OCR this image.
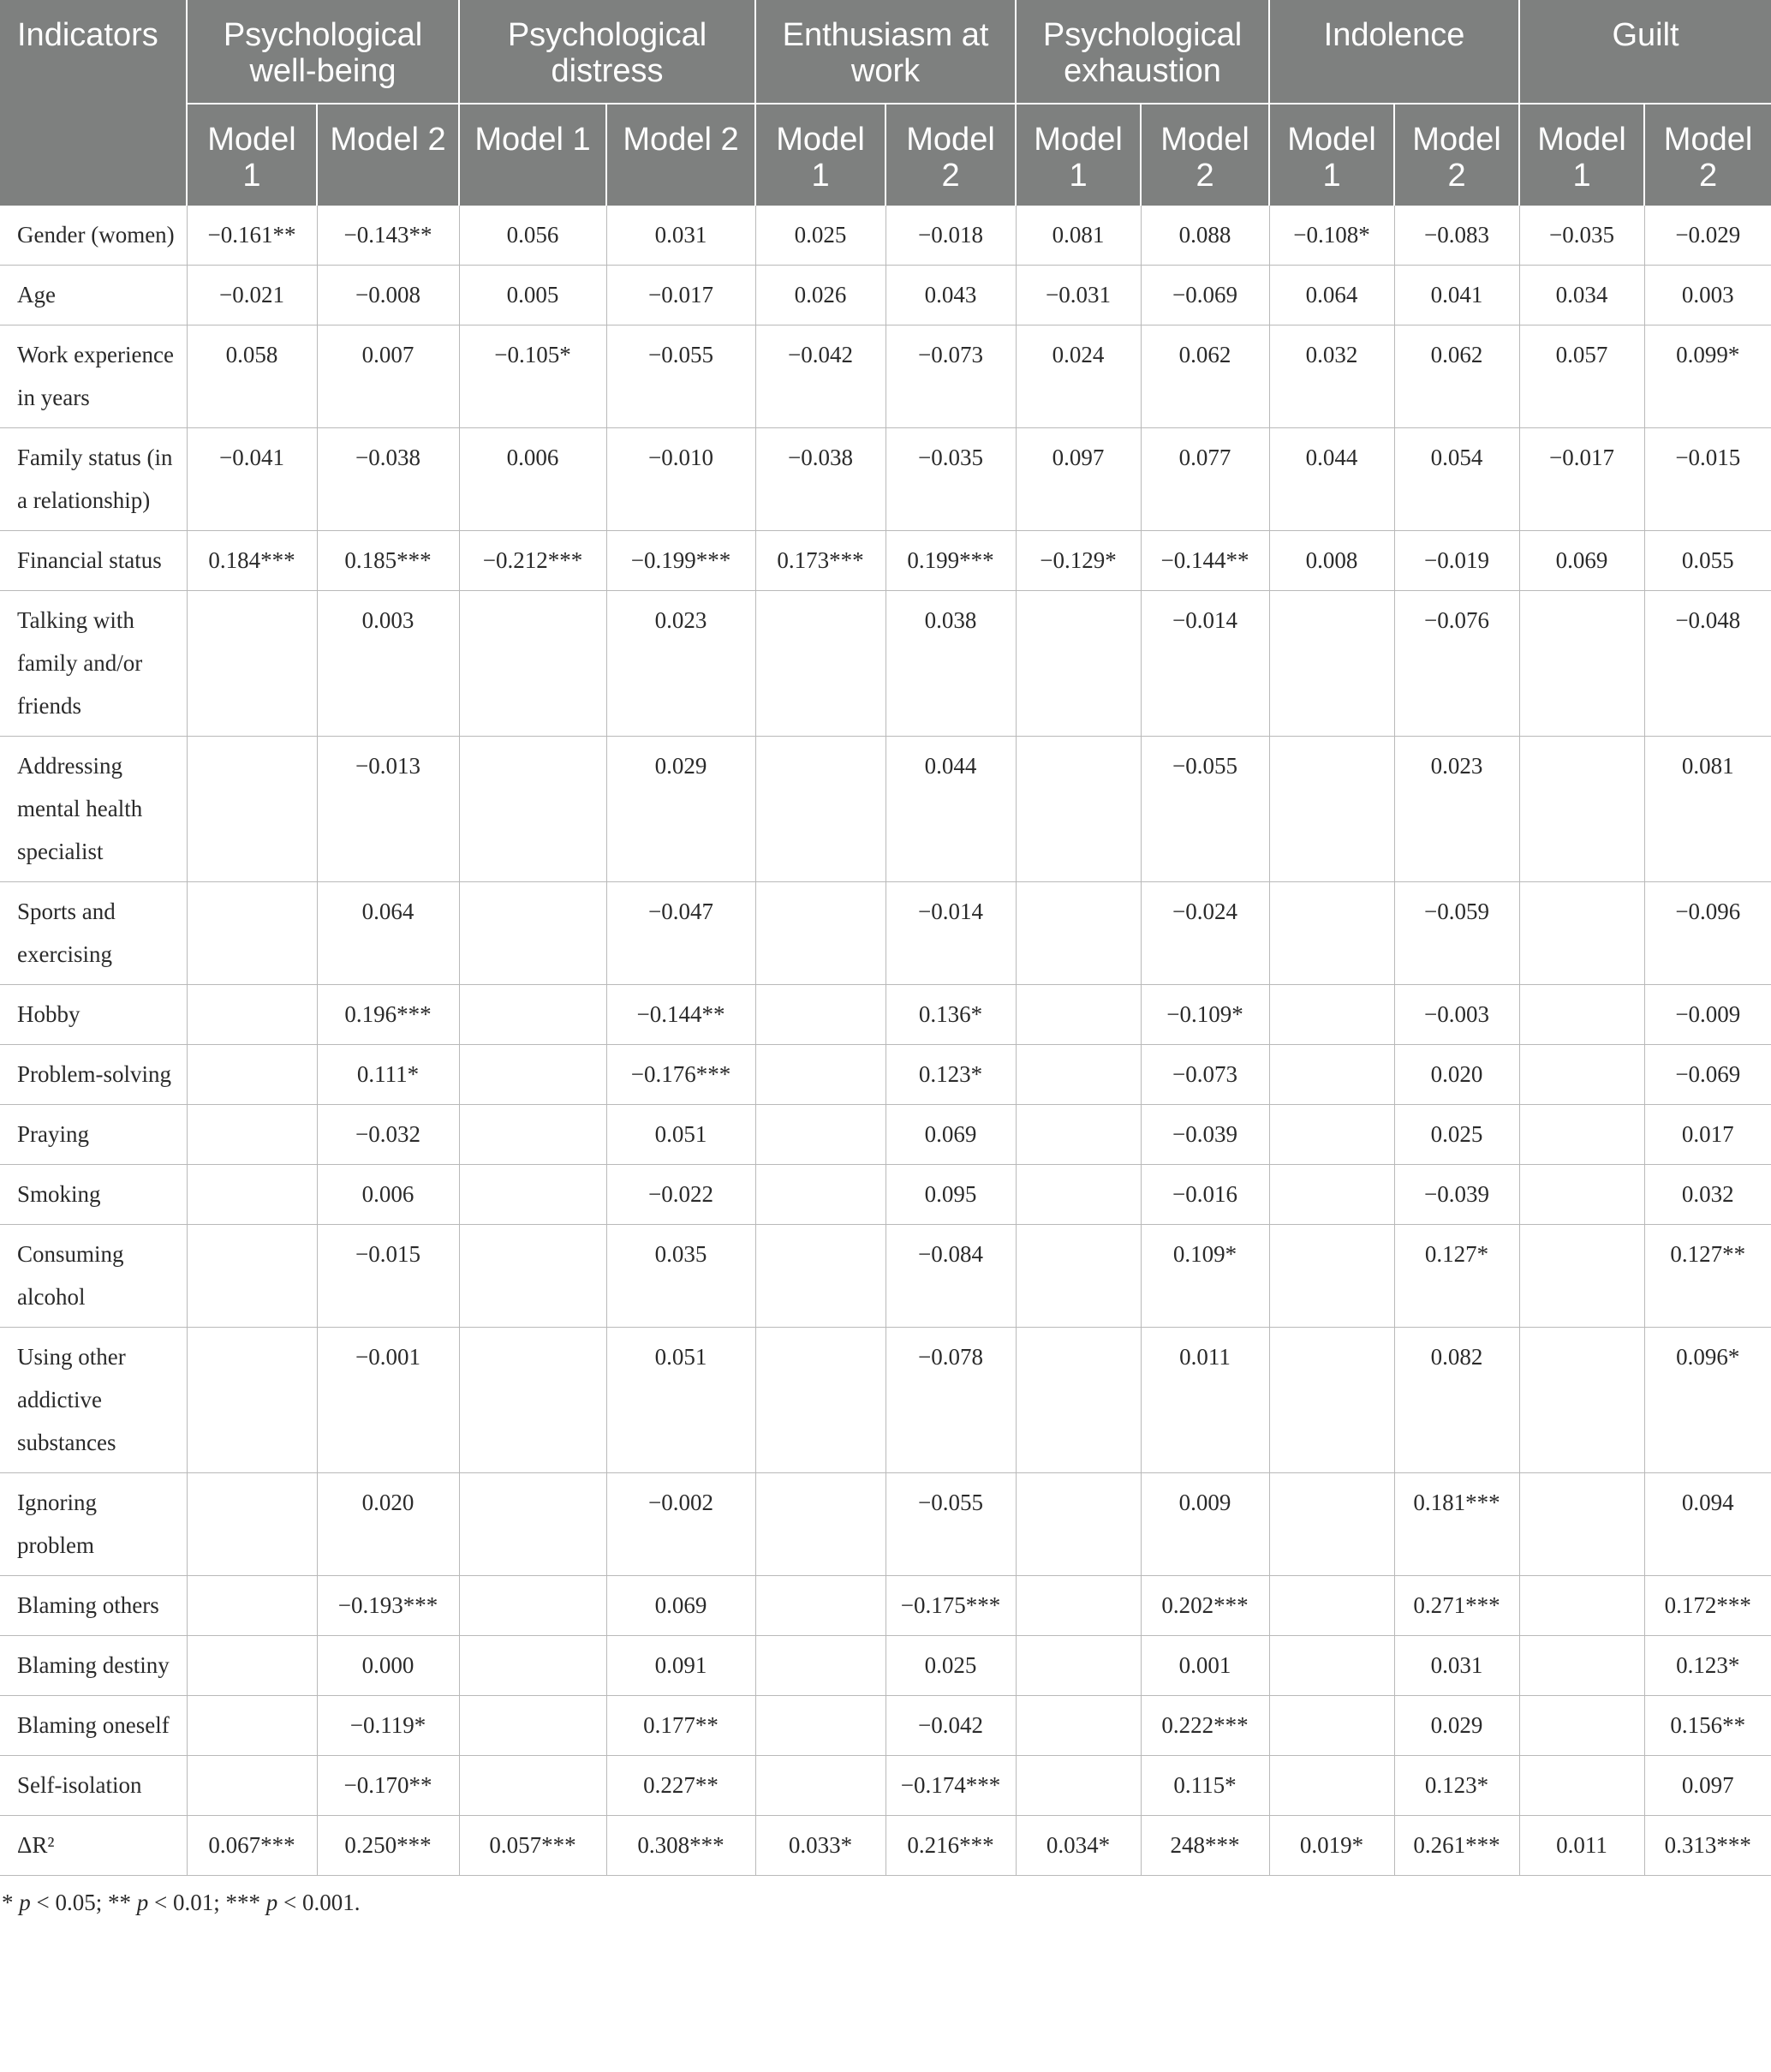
Indicators	Psychological well-being		Psychological distress		Enthusiasm at work		Psychological exhaustion		Indolence		Guilt	
	Model 1	Model 2	Model 1	Model 2	Model 1	Model 2	Model 1	Model 2	Model 1	Model 2	Model 1	Model 2
Gender (women)	−0.161**	−0.143**	0.056	0.031	0.025	−0.018	0.081	0.088	−0.108*	−0.083	−0.035	−0.029
Age	−0.021	−0.008	0.005	−0.017	0.026	0.043	−0.031	−0.069	0.064	0.041	0.034	0.003
Work experience in years	0.058	0.007	−0.105*	−0.055	−0.042	−0.073	0.024	0.062	0.032	0.062	0.057	0.099*
Family status (in a relationship)	−0.041	−0.038	0.006	−0.010	−0.038	−0.035	0.097	0.077	0.044	0.054	−0.017	−0.015
Financial status	0.184***	0.185***	−0.212***	−0.199***	0.173***	0.199***	−0.129*	−0.144**	0.008	−0.019	0.069	0.055
Talking with family and/or friends		0.003		0.023		0.038		−0.014		−0.076		−0.048
Addressing mental health specialist		−0.013		0.029		0.044		−0.055		0.023		0.081
Sports and exercising		0.064		−0.047		−0.014		−0.024		−0.059		−0.096
Hobby		0.196***		−0.144**		0.136*		−0.109*		−0.003		−0.009
Problem-solving		0.111*		−0.176***		0.123*		−0.073		0.020		−0.069
Praying		−0.032		0.051		0.069		−0.039		0.025		0.017
Smoking		0.006		−0.022		0.095		−0.016		−0.039		0.032
Consuming alcohol		−0.015		0.035		−0.084		0.109*		0.127*		0.127**
Using other addictive substances		−0.001		0.051		−0.078		0.011		0.082		0.096*
Ignoring problem		0.020		−0.002		−0.055		0.009		0.181***		0.094
Blaming others		−0.193***		0.069		−0.175***		0.202***		0.271***		0.172***
Blaming destiny		0.000		0.091		0.025		0.001		0.031		0.123*
Blaming oneself		−0.119*		0.177**		−0.042		0.222***		0.029		0.156**
Self-isolation		−0.170**		0.227**		−0.174***		0.115*		0.123*		0.097
ΔR²	0.067***	0.250***	0.057***	0.308***	0.033*	0.216***	0.034*	248***	0.019*	0.261***	0.011	0.313***
* p < 0.05; ** p < 0.01; *** p < 0.001.
